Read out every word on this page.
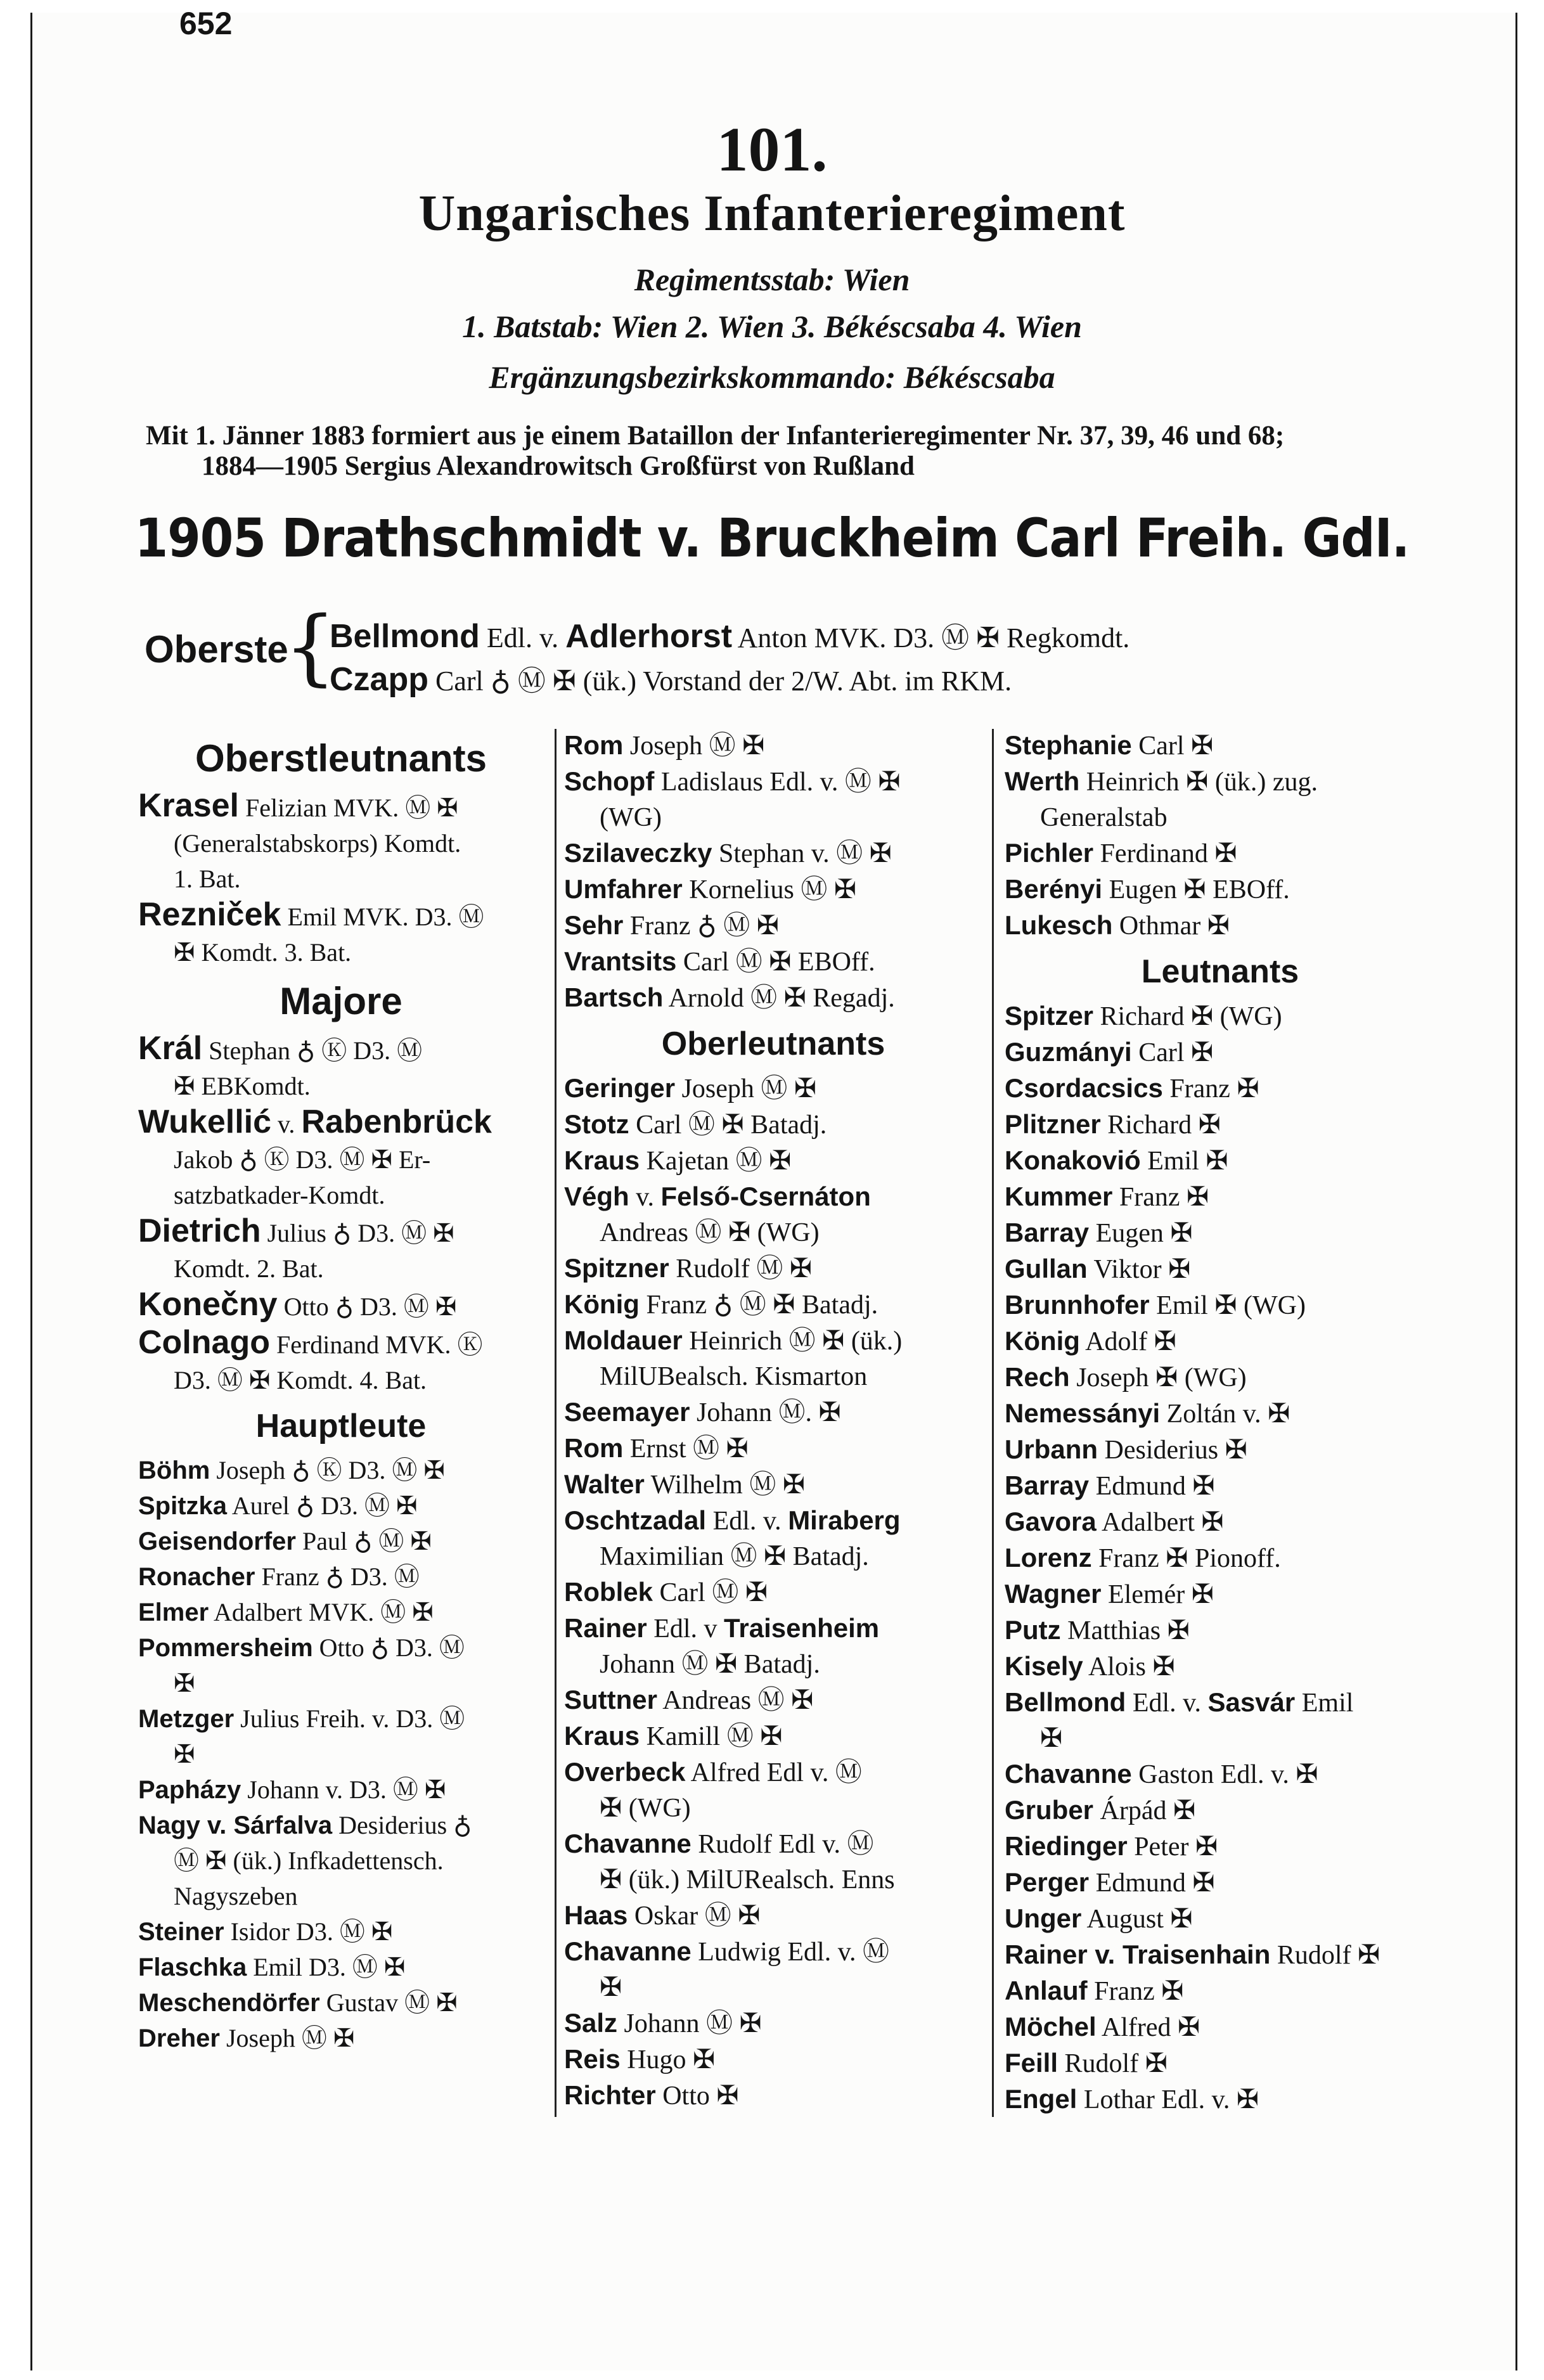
652
101.
Ungarisches Infanterieregiment
Regimentsstab: Wien
1. Batstab: Wien 2. Wien 3. Békéscsaba 4. Wien
Ergänzungsbezirkskommando: Békéscsaba
Mit 1. Jänner 1883 formiert aus je einem Bataillon der Infanterieregimenter Nr. 37, 39, 46 und 68;
1884—1905 Sergius Alexandrowitsch Großfürst von Rußland
1905 Drathschmidt v. Bruckheim Carl Freih. GdI.
Oberste
{
Bellmond Edl. v. Adlerhorst Anton MVK. D3. Ⓜ ✠ Regkomdt.
Czapp Carl ♁ Ⓜ ✠ (ük.) Vorstand der 2/W. Abt. im RKM.
Oberstleutnants
Krasel Felizian MVK. Ⓜ ✠
(Generalstabskorps) Komdt.
1. Bat.
Rezniček Emil MVK. D3. Ⓜ
✠ Komdt. 3. Bat.
Majore
Král Stephan ♁ Ⓚ D3. Ⓜ
✠ EBKomdt.
Wukellić v. Rabenbrück
Jakob ♁ Ⓚ D3. Ⓜ ✠ Er-
satzbatkader-Komdt.
Dietrich Julius ♁ D3. Ⓜ ✠
Komdt. 2. Bat.
Konečny Otto ♁ D3. Ⓜ ✠
Colnago Ferdinand MVK. Ⓚ
D3. Ⓜ ✠ Komdt. 4. Bat.
Hauptleute
Böhm Joseph ♁ Ⓚ D3. Ⓜ ✠
Spitzka Aurel ♁ D3. Ⓜ ✠
Geisendorfer Paul ♁ Ⓜ ✠
Ronacher Franz ♁ D3. Ⓜ
Elmer Adalbert MVK. Ⓜ ✠
Pommersheim Otto ♁ D3. Ⓜ
✠
Metzger Julius Freih. v. D3. Ⓜ
✠
Papházy Johann v. D3. Ⓜ ✠
Nagy v. Sárfalva Desiderius ♁
Ⓜ ✠ (ük.) Infkadettensch.
Nagyszeben
Steiner Isidor D3. Ⓜ ✠
Flaschka Emil D3. Ⓜ ✠
Meschendörfer Gustav Ⓜ ✠
Dreher Joseph Ⓜ ✠
Rom Joseph Ⓜ ✠
Schopf Ladislaus Edl. v. Ⓜ ✠
(WG)
Szilaveczky Stephan v. Ⓜ ✠
Umfahrer Kornelius Ⓜ ✠
Sehr Franz ♁ Ⓜ ✠
Vrantsits Carl Ⓜ ✠ EBOff.
Bartsch Arnold Ⓜ ✠ Regadj.
Oberleutnants
Geringer Joseph Ⓜ ✠
Stotz Carl Ⓜ ✠ Batadj.
Kraus Kajetan Ⓜ ✠
Végh v. Felső-Csernáton
Andreas Ⓜ ✠ (WG)
Spitzner Rudolf Ⓜ ✠
König Franz ♁ Ⓜ ✠ Batadj.
Moldauer Heinrich Ⓜ ✠ (ük.)
MilUBealsch. Kismarton
Seemayer Johann Ⓜ. ✠
Rom Ernst Ⓜ ✠
Walter Wilhelm Ⓜ ✠
Oschtzadal Edl. v. Miraberg
Maximilian Ⓜ ✠ Batadj.
Roblek Carl Ⓜ ✠
Rainer Edl. v Traisenheim
Johann Ⓜ ✠ Batadj.
Suttner Andreas Ⓜ ✠
Kraus Kamill Ⓜ ✠
Overbeck Alfred Edl v. Ⓜ
✠ (WG)
Chavanne Rudolf Edl v. Ⓜ
✠ (ük.) MilURealsch. Enns
Haas Oskar Ⓜ ✠
Chavanne Ludwig Edl. v. Ⓜ
✠
Salz Johann Ⓜ ✠
Reis Hugo ✠
Richter Otto ✠
Stephanie Carl ✠
Werth Heinrich ✠ (ük.) zug.
Generalstab
Pichler Ferdinand ✠
Berényi Eugen ✠ EBOff.
Lukesch Othmar ✠
Leutnants
Spitzer Richard ✠ (WG)
Guzmányi Carl ✠
Csordacsics Franz ✠
Plitzner Richard ✠
Konakovió Emil ✠
Kummer Franz ✠
Barray Eugen ✠
Gullan Viktor ✠
Brunnhofer Emil ✠ (WG)
König Adolf ✠
Rech Joseph ✠ (WG)
Nemessányi Zoltán v. ✠
Urbann Desiderius ✠
Barray Edmund ✠
Gavora Adalbert ✠
Lorenz Franz ✠ Pionoff.
Wagner Elemér ✠
Putz Matthias ✠
Kisely Alois ✠
Bellmond Edl. v. Sasvár Emil
✠
Chavanne Gaston Edl. v. ✠
Gruber Árpád ✠
Riedinger Peter ✠
Perger Edmund ✠
Unger August ✠
Rainer v. Traisenhain Rudolf ✠
Anlauf Franz ✠
Möchel Alfred ✠
Feill Rudolf ✠
Engel Lothar Edl. v. ✠
